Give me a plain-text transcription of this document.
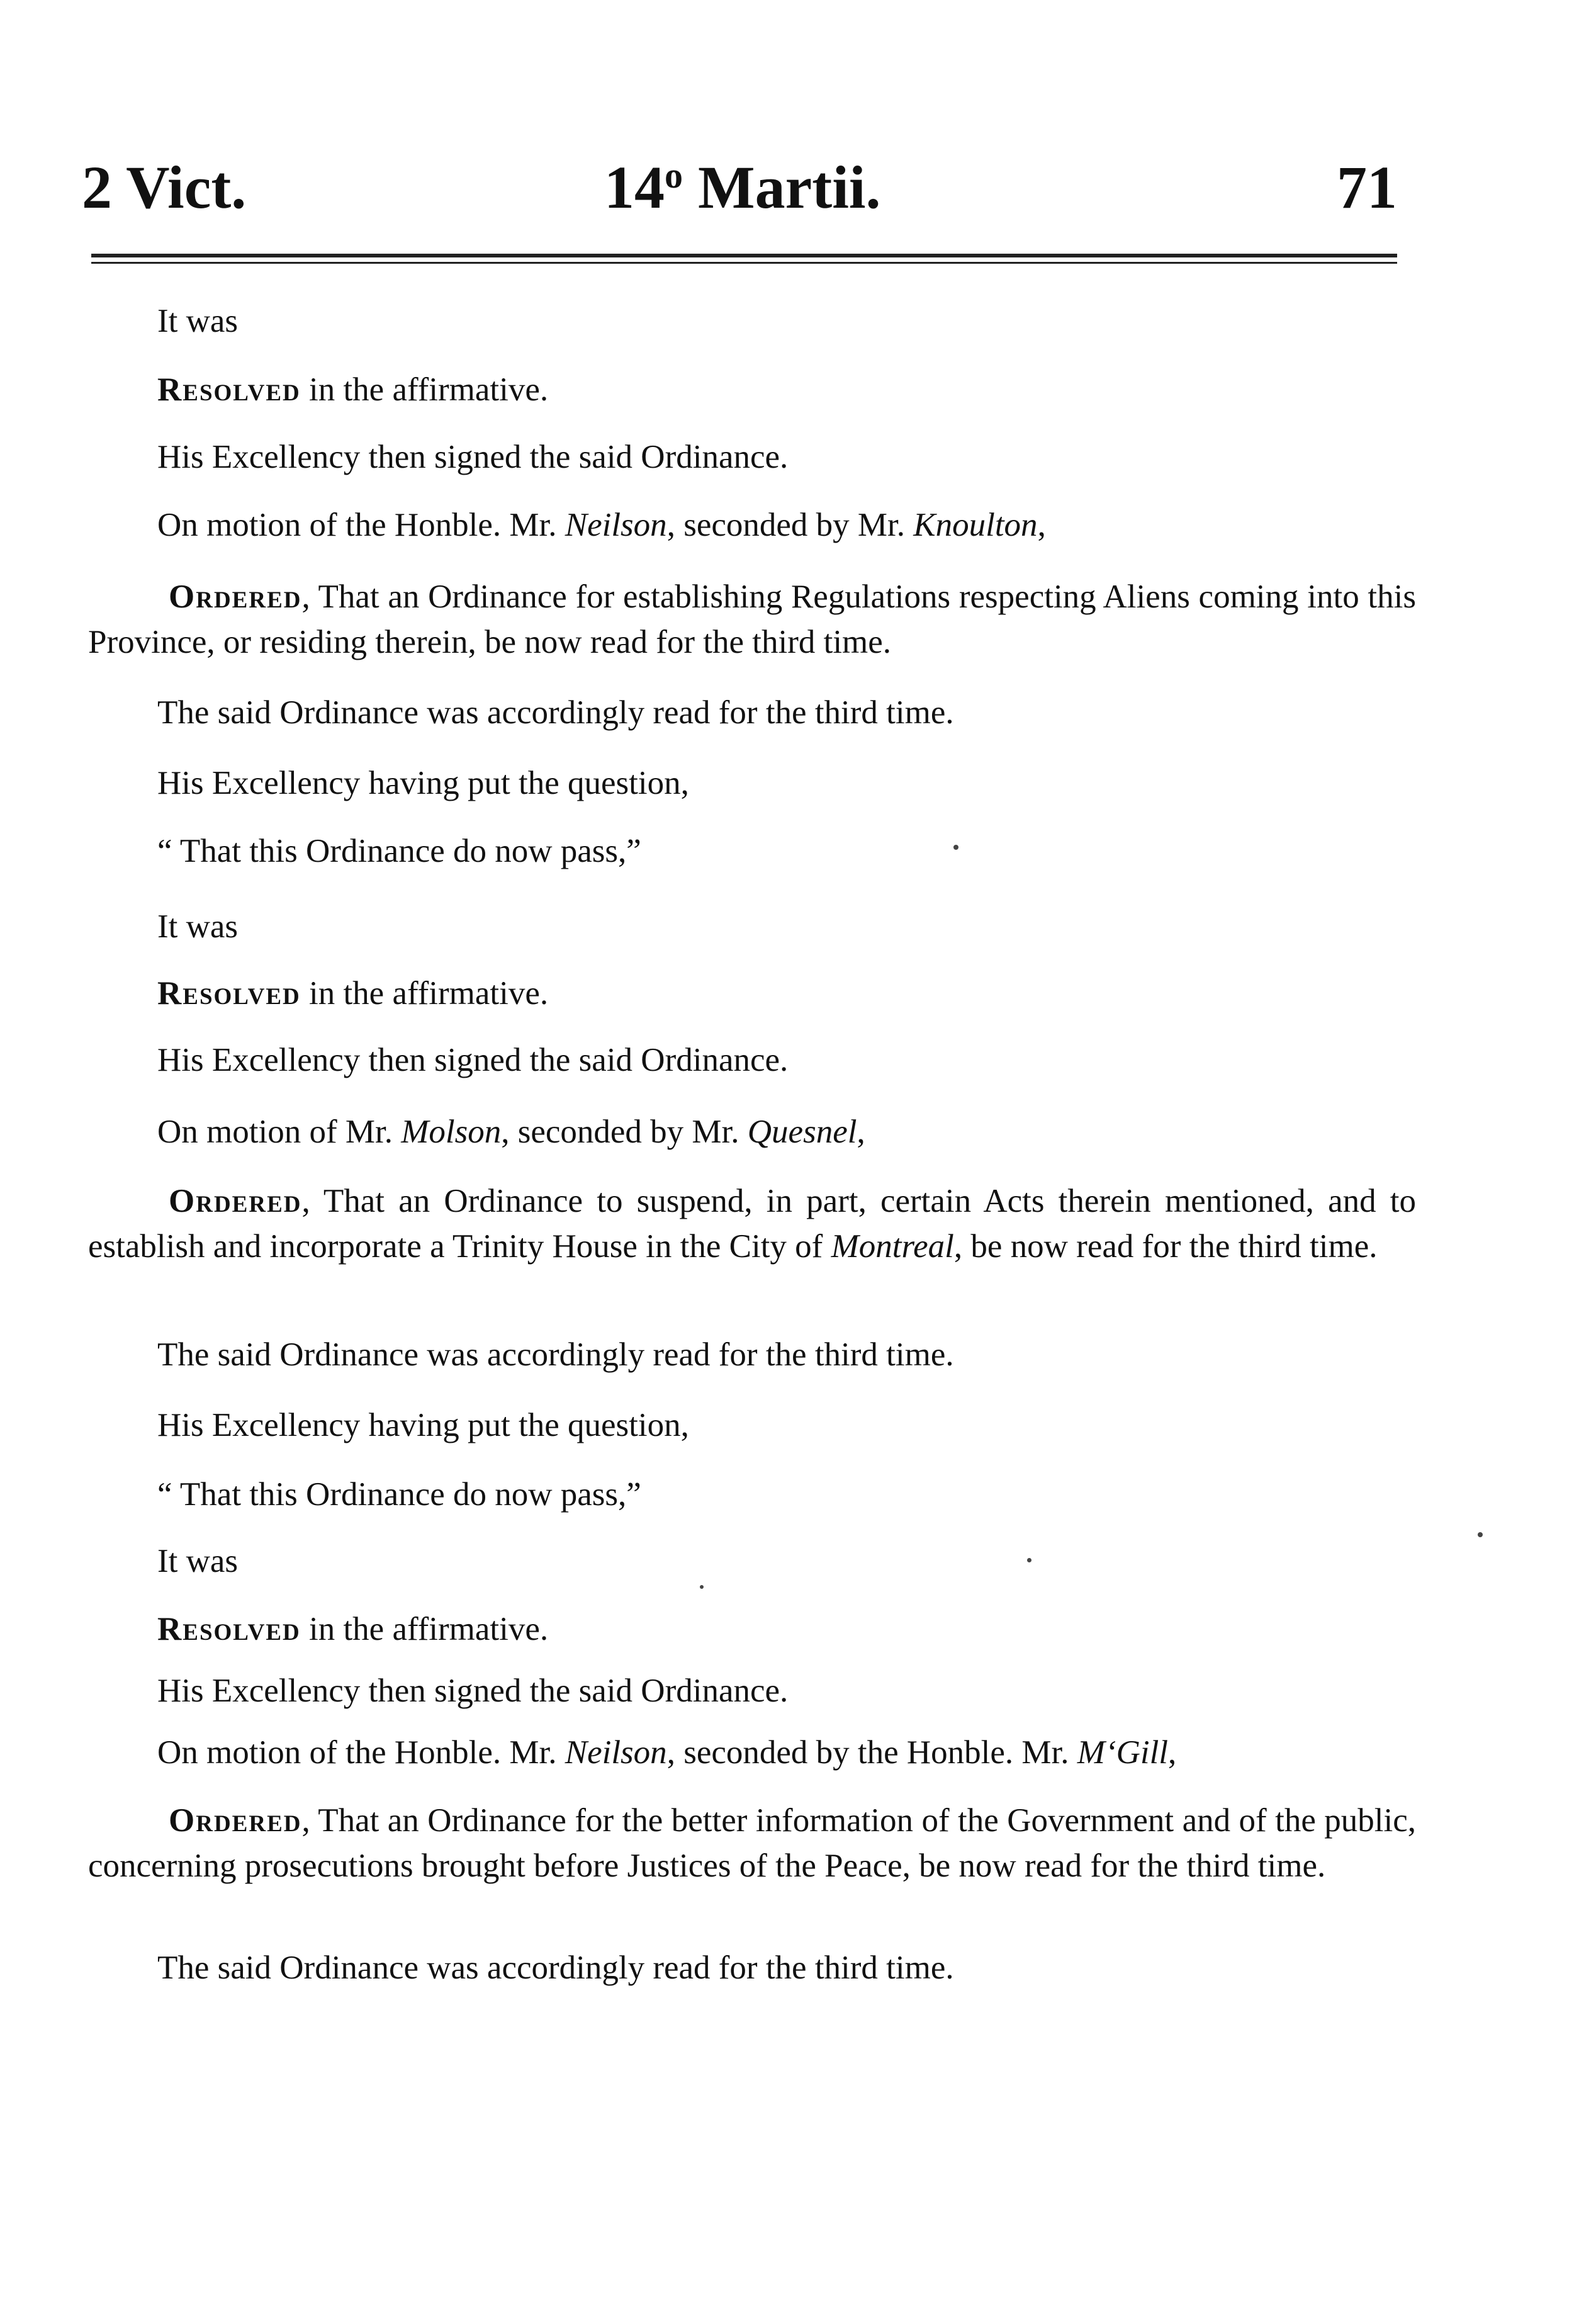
2 Vict.	14$^o$ Martii.	71
It was
Resolved in the affirmative.
His Excellency then signed the said Ordinance.
On motion of the Honble. Mr. Neilson, seconded by Mr. Knoulton,
Ordered, That an Ordinance for establishing Regulations respecting Aliens coming into this Province, or residing therein, be now read for the third time.
The said Ordinance was accordingly read for the third time.
His Excellency having put the question,
“ That this Ordinance do now pass,”
It was
Resolved in the affirmative.
His Excellency then signed the said Ordinance.
On motion of Mr. Molson, seconded by Mr. Quesnel,
Ordered, That an Ordinance to suspend, in part, certain Acts therein mentioned, and to establish and incorporate a Trinity House in the City of Montreal, be now read for the third time.
The said Ordinance was accordingly read for the third time.
His Excellency having put the question,
“ That this Ordinance do now pass,”
It was
Resolved in the affirmative.
His Excellency then signed the said Ordinance.
On motion of the Honble. Mr. Neilson, seconded by the Honble. Mr. M‘Gill,
Ordered, That an Ordinance for the better information of the Government and of the public, concerning prosecutions brought before Justices of the Peace, be now read for the third time.
The said Ordinance was accordingly read for the third time.
